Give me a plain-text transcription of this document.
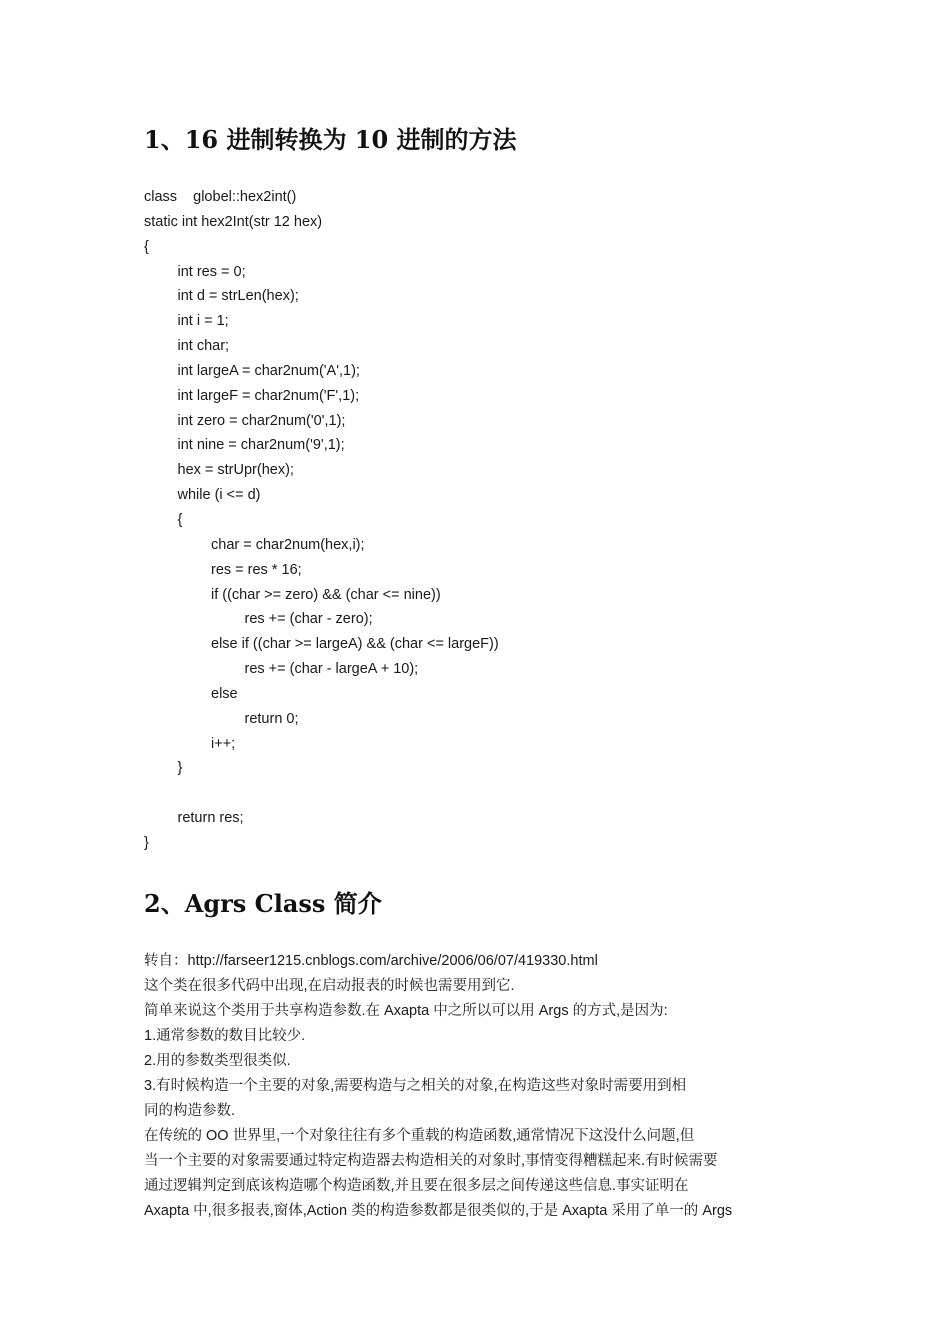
1、16 进制转换为 10 进制的方法
class    globel::hex2int()
static int hex2Int(str 12 hex)
{
int res = 0;
int d = strLen(hex);
int i = 1;
int char;
int largeA = char2num('A',1);
int largeF = char2num('F',1);
int zero = char2num('0',1);
int nine = char2num('9',1);
hex = strUpr(hex);
while (i <= d)
{
char = char2num(hex,i);
res = res * 16;
if ((char >= zero) && (char <= nine))
res += (char - zero);
else if ((char >= largeA) && (char <= largeF))
res += (char - largeA + 10);
else
return 0;
i++;
}
return res;
}
2、Agrs Class 简介
转自：http://farseer1215.cnblogs.com/archive/2006/06/07/419330.html
这个类在很多代码中出现,在启动报表的时候也需要用到它.
简单来说这个类用于共享构造参数.在 Axapta 中之所以可以用 Args 的方式,是因为:
1.通常参数的数目比较少.
2.用的参数类型很类似.
3.有时候构造一个主要的对象,需要构造与之相关的对象,在构造这些对象时需要用到相
同的构造参数.
在传统的 OO 世界里,一个对象往往有多个重载的构造函数,通常情况下这没什么问题,但
当一个主要的对象需要通过特定构造器去构造相关的对象时,事情变得糟糕起来.有时候需要
通过逻辑判定到底该构造哪个构造函数,并且要在很多层之间传递这些信息.事实证明在
Axapta 中,很多报表,窗体,Action 类的构造参数都是很类似的,于是 Axapta 采用了单一的 Args
